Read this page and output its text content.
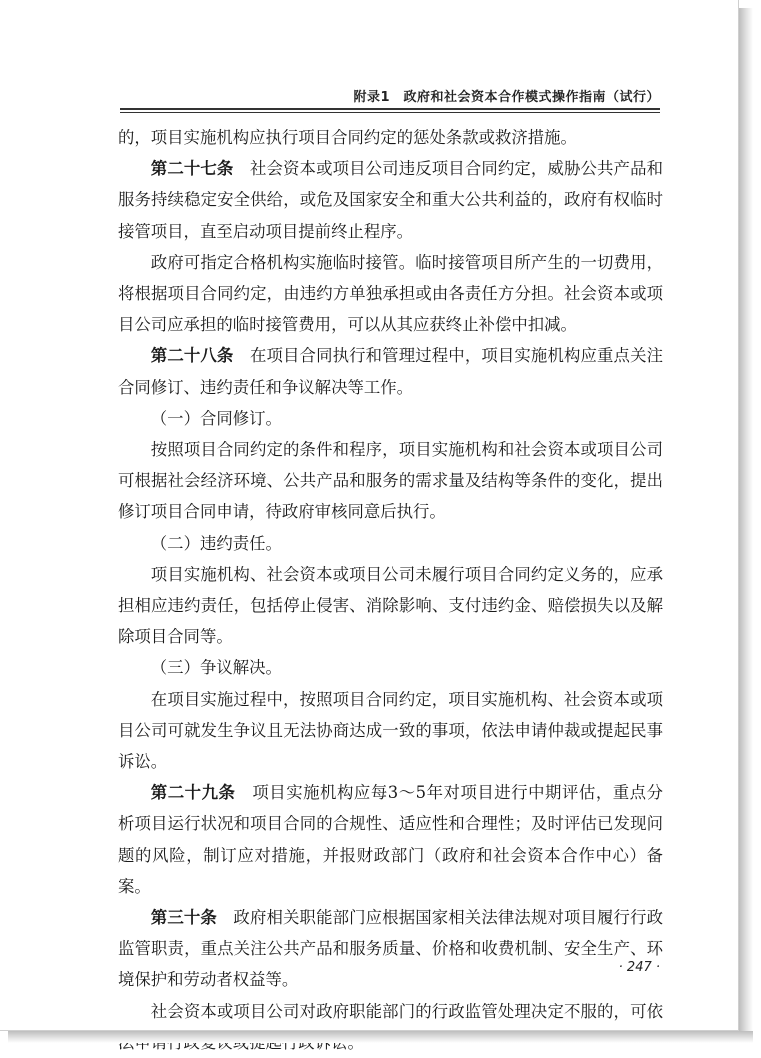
附录1　政府和社会资本合作模式操作指南（试行）

的，项目实施机构应执行项目合同约定的惩处条款或救济措施。

第二十七条　社会资本或项目公司违反项目合同约定，威胁公共产品和服务持续稳定安全供给，或危及国家安全和重大公共利益的，政府有权临时接管项目，直至启动项目提前终止程序。

政府可指定合格机构实施临时接管。临时接管项目所产生的一切费用，将根据项目合同约定，由违约方单独承担或由各责任方分担。社会资本或项目公司应承担的临时接管费用，可以从其应获终止补偿中扣减。

第二十八条　在项目合同执行和管理过程中，项目实施机构应重点关注合同修订、违约责任和争议解决等工作。

（一）合同修订。

按照项目合同约定的条件和程序，项目实施机构和社会资本或项目公司可根据社会经济环境、公共产品和服务的需求量及结构等条件的变化，提出修订项目合同申请，待政府审核同意后执行。

（二）违约责任。

项目实施机构、社会资本或项目公司未履行项目合同约定义务的，应承担相应违约责任，包括停止侵害、消除影响、支付违约金、赔偿损失以及解除项目合同等。

（三）争议解决。

在项目实施过程中，按照项目合同约定，项目实施机构、社会资本或项目公司可就发生争议且无法协商达成一致的事项，依法申请仲裁或提起民事诉讼。

第二十九条　项目实施机构应每3～5年对项目进行中期评估，重点分析项目运行状况和项目合同的合规性、适应性和合理性；及时评估已发现问题的风险，制订应对措施，并报财政部门（政府和社会资本合作中心）备案。

第三十条　政府相关职能部门应根据国家相关法律法规对项目履行行政监管职责，重点关注公共产品和服务质量、价格和收费机制、安全生产、环境保护和劳动者权益等。

社会资本或项目公司对政府职能部门的行政监管处理决定不服的，可依

· 247 ·
